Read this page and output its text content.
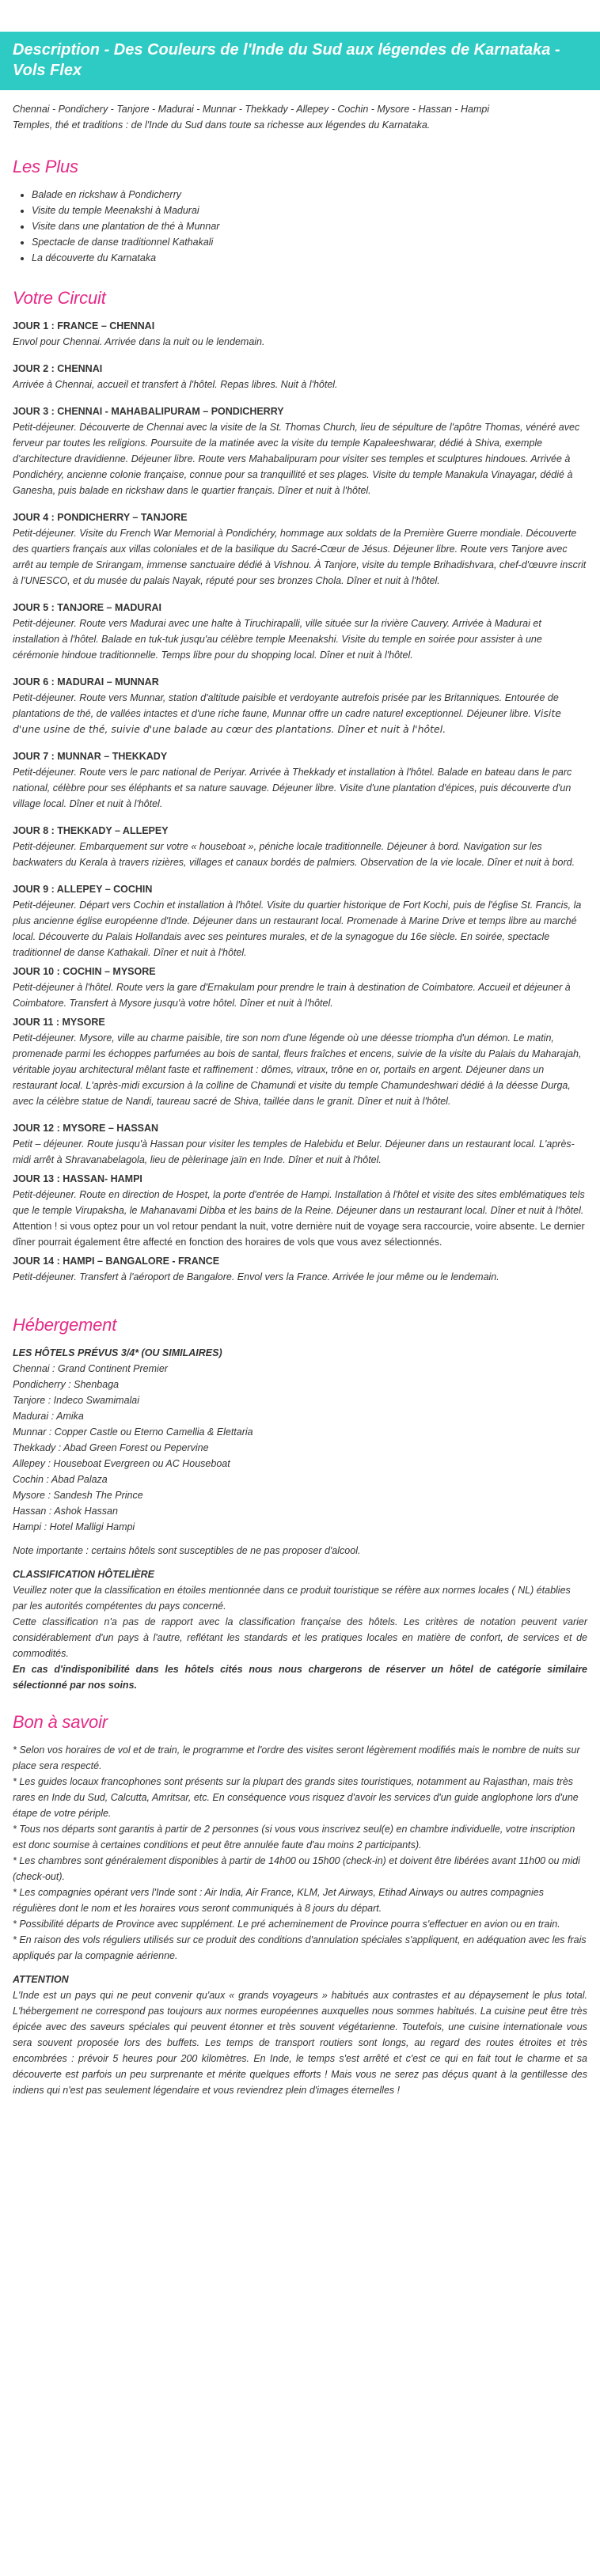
Description - Des Couleurs de l'Inde du Sud aux légendes de Karnataka - Vols Flex
Chennai - Pondichery - Tanjore - Madurai - Munnar - Thekkady - Allepey - Cochin - Mysore - Hassan - Hampi
Temples, thé et traditions : de l'Inde du Sud dans toute sa richesse aux légendes du Karnataka.
Les Plus
• Balade en rickshaw à Pondicherry
• Visite du temple Meenakshi à Madurai
• Visite dans une plantation de thé à Munnar
• Spectacle de danse traditionnel Kathakali
• La découverte du Karnataka
Votre Circuit
JOUR 1 : FRANCE – CHENNAI
Envol pour Chennai. Arrivée dans la nuit ou le lendemain.
JOUR 2 : CHENNAI
Arrivée à Chennai, accueil et transfert à l'hôtel. Repas libres. Nuit à l'hôtel.
JOUR 3 : CHENNAI - MAHABALIPURAM – PONDICHERRY
Petit-déjeuner. Découverte de Chennai avec la visite de la St. Thomas Church, lieu de sépulture de l'apôtre Thomas, vénéré avec ferveur par toutes les religions. Poursuite de la matinée avec la visite du temple Kapaleeshwarar, dédié à Shiva, exemple d'architecture dravidienne. Déjeuner libre. Route vers Mahabalipuram pour visiter ses temples et sculptures hindoues. Arrivée à Pondichéry, ancienne colonie française, connue pour sa tranquillité et ses plages. Visite du temple Manakula Vinayagar, dédié à Ganesha, puis balade en rickshaw dans le quartier français. Dîner et nuit à l'hôtel.
JOUR 4 : PONDICHERRY – TANJORE
Petit-déjeuner. Visite du French War Memorial à Pondichéry, hommage aux soldats de la Première Guerre mondiale. Découverte des quartiers français aux villas coloniales et de la basilique du Sacré-Cœur de Jésus. Déjeuner libre. Route vers Tanjore avec arrêt au temple de Srirangam, immense sanctuaire dédié à Vishnou. À Tanjore, visite du temple Brihadishvara, chef-d'œuvre inscrit à l'UNESCO, et du musée du palais Nayak, réputé pour ses bronzes Chola. Dîner et nuit à l'hôtel.
JOUR 5 : TANJORE – MADURAI
Petit-déjeuner. Route vers Madurai avec une halte à Tiruchirapalli, ville située sur la rivière Cauvery. Arrivée à Madurai et installation à l'hôtel. Balade en tuk-tuk jusqu'au célèbre temple Meenakshi. Visite du temple en soirée pour assister à une cérémonie hindoue traditionnelle. Temps libre pour du shopping local. Dîner et nuit à l'hôtel.
JOUR 6 : MADURAI – MUNNAR
Petit-déjeuner. Route vers Munnar, station d'altitude paisible et verdoyante autrefois prisée par les Britanniques. Entourée de plantations de thé, de vallées intactes et d'une riche faune, Munnar offre un cadre naturel exceptionnel. Déjeuner libre. Visite d'une usine de thé, suivie d'une balade au cœur des plantations. Dîner et nuit à l'hôtel.
JOUR 7 : MUNNAR – THEKKADY
Petit-déjeuner. Route vers le parc national de Periyar. Arrivée à Thekkady et installation à l'hôtel. Balade en bateau dans le parc national, célèbre pour ses éléphants et sa nature sauvage. Déjeuner libre. Visite d'une plantation d'épices, puis découverte d'un village local. Dîner et nuit à l'hôtel.
JOUR 8 : THEKKADY – ALLEPEY
Petit-déjeuner. Embarquement sur votre « houseboat », péniche locale traditionnelle. Déjeuner à bord. Navigation sur les backwaters du Kerala à travers rizières, villages et canaux bordés de palmiers. Observation de la vie locale. Dîner et nuit à bord.
JOUR 9 : ALLEPEY – COCHIN
Petit-déjeuner. Départ vers Cochin et installation à l'hôtel. Visite du quartier historique de Fort Kochi, puis de l'église St. Francis, la plus ancienne église européenne d'Inde. Déjeuner dans un restaurant local. Promenade à Marine Drive et temps libre au marché local. Découverte du Palais Hollandais avec ses peintures murales, et de la synagogue du 16e siècle. En soirée, spectacle traditionnel de danse Kathakali. Dîner et nuit à l'hôtel.
JOUR 10 : COCHIN – MYSORE
Petit-déjeuner à l'hôtel. Route vers la gare d'Ernakulam pour prendre le train à destination de Coimbatore. Accueil et déjeuner à Coimbatore. Transfert à Mysore jusqu'à votre hôtel. Dîner et nuit à l'hôtel.
JOUR 11 : MYSORE
Petit-déjeuner. Mysore, ville au charme paisible, tire son nom d'une légende où une déesse triompha d'un démon. Le matin, promenade parmi les échoppes parfumées au bois de santal, fleurs fraîches et encens, suivie de la visite du Palais du Maharajah, véritable joyau architectural mêlant faste et raffinement : dômes, vitraux, trône en or, portails en argent. Déjeuner dans un restaurant local. L'après-midi excursion à la colline de Chamundi et visite du temple Chamundeshwari dédié à la déesse Durga, avec la célèbre statue de Nandi, taureau sacré de Shiva, taillée dans le granit. Dîner et nuit à l'hôtel.
JOUR 12 : MYSORE – HASSAN
Petit – déjeuner. Route jusqu'à Hassan pour visiter les temples de Halebidu et Belur. Déjeuner dans un restaurant local. L'après-midi arrêt à Shravanabelagola, lieu de pèlerinage jaïn en Inde. Dîner et nuit à l'hôtel.
JOUR 13 : HASSAN- HAMPI
Petit-déjeuner. Route en direction de Hospet, la porte d'entrée de Hampi. Installation à l'hôtel et visite des sites emblématiques tels que le temple Virupaksha, le Mahanavami Dibba et les bains de la Reine. Déjeuner dans un restaurant local. Dîner et nuit à l'hôtel.
Attention ! si vous optez pour un vol retour pendant la nuit, votre dernière nuit de voyage sera raccourcie, voire absente. Le dernier dîner pourrait également être affecté en fonction des horaires de vols que vous avez sélectionnés.
JOUR 14 : HAMPI – BANGALORE - FRANCE
Petit-déjeuner. Transfert à l'aéroport de Bangalore. Envol vers la France. Arrivée le jour même ou le lendemain.
Hébergement
LES HÔTELS PRÉVUS 3/4* (OU SIMILAIRES)
Chennai : Grand Continent Premier
Pondicherry : Shenbaga
Tanjore : Indeco Swamimalai
Madurai : Amika
Munnar : Copper Castle ou Eterno Camellia & Elettaria
Thekkady : Abad Green Forest ou Pepervine
Allepey : Houseboat Evergreen ou AC Houseboat
Cochin : Abad Palaza
Mysore : Sandesh The Prince
Hassan : Ashok Hassan
Hampi : Hotel Malligi Hampi

Note importante : certains hôtels sont susceptibles de ne pas proposer d'alcool.

CLASSIFICATION HÔTELIÈRE

Veuillez noter que la classification en étoiles mentionnée dans ce produit touristique se réfère aux normes locales ( NL) établies par les autorités compétentes du pays concerné.

Cette classification n'a pas de rapport avec la classification française des hôtels. Les critères de notation peuvent varier considérablement d'un pays à l'autre, reflétant les standards et les pratiques locales en matière de confort, de services et de commodités.

En cas d'indisponibilité dans les hôtels cités nous nous chargerons de réserver un hôtel de catégorie similaire sélectionné par nos soins.

Bon à savoir

* Selon vos horaires de vol et de train, le programme et l'ordre des visites seront légèrement modifiés mais le nombre de nuits sur place sera respecté.

* Les guides locaux francophones sont présents sur la plupart des grands sites touristiques, notamment au Rajasthan, mais très rares en Inde du Sud, Calcutta, Amritsar, etc. En conséquence vous risquez d'avoir les services d'un guide anglophone lors d'une étape de votre périple.

* Tous nos départs sont garantis à partir de 2 personnes (si vous vous inscrivez seul(e) en chambre individuelle, votre inscription est donc soumise à certaines conditions et peut être annulée faute d'au moins 2 participants).

* Les chambres sont généralement disponibles à partir de 14h00 ou 15h00 (check-in) et doivent être libérées avant 11h00 ou midi (check-out).

* Les compagnies opérant vers l'Inde sont : Air India, Air France, KLM, Jet Airways, Etihad Airways ou autres compagnies régulières dont le nom et les horaires vous seront communiqués à 8 jours du départ.

* Possibilité départs de Province avec supplément. Le pré acheminement de Province pourra s'effectuer en avion ou en train.

* En raison des vols réguliers utilisés sur ce produit des conditions d'annulation spéciales s'appliquent, en adéquation avec les frais appliqués par la compagnie aérienne.

ATTENTION

L'Inde est un pays qui ne peut convenir qu'aux « grands voyageurs » habitués aux contrastes et au dépaysement le plus total. L'hébergement ne correspond pas toujours aux normes européennes auxquelles nous sommes habitués. La cuisine peut être très épicée avec des saveurs spéciales qui peuvent étonner et très souvent végétarienne. Toutefois, une cuisine internationale vous sera souvent proposée lors des buffets. Les temps de transport routiers sont longs, au regard des routes étroites et très encombrées : prévoir 5 heures pour 200 kilomètres. En Inde, le temps s'est arrêté et c'est ce qui en fait tout le charme et sa découverte est parfois un peu surprenante et mérite quelques efforts ! Mais vous ne serez pas déçus quant à la gentillesse des indiens qui n'est pas seulement légendaire et vous reviendrez plein d'images éternelles !
